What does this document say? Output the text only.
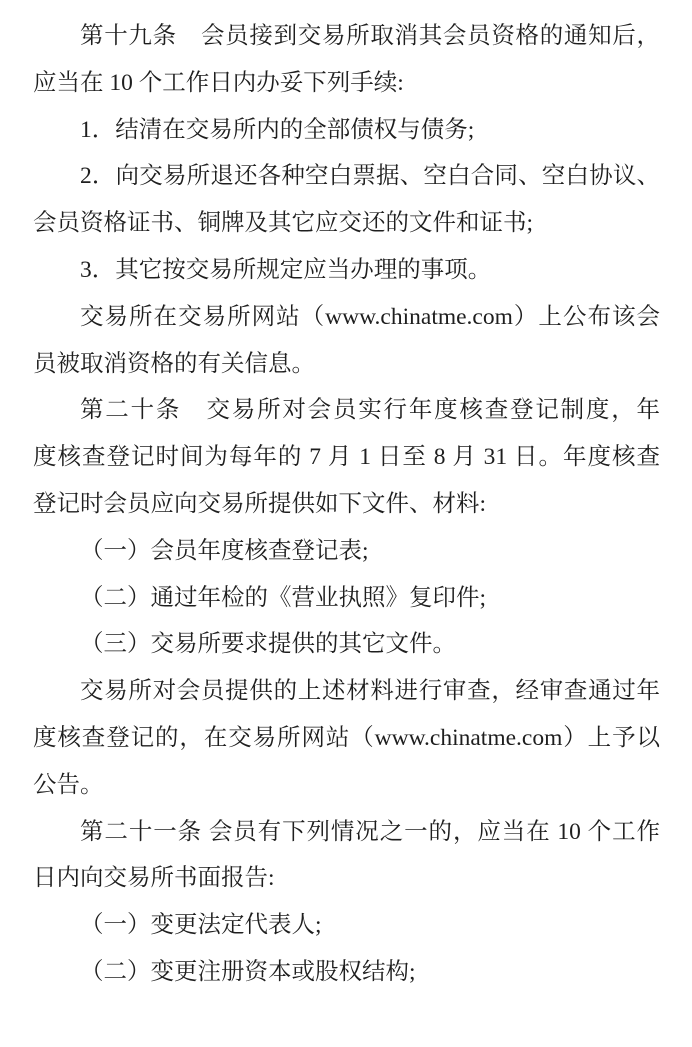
第十九条　会员接到交易所取消其会员资格的通知后，
应当在 10 个工作日内办妥下列手续:
1．结清在交易所内的全部债权与债务;
2．向交易所退还各种空白票据、空白合同、空白协议、
会员资格证书、铜牌及其它应交还的文件和证书;
3．其它按交易所规定应当办理的事项。
交易所在交易所网站（www.chinatme.com）上公布该会
员被取消资格的有关信息。
第二十条　交易所对会员实行年度核查登记制度，年
度核查登记时间为每年的 7 月 1 日至 8 月 31 日。年度核查
登记时会员应向交易所提供如下文件、材料:
（一）会员年度核查登记表;
（二）通过年检的《营业执照》复印件;
（三）交易所要求提供的其它文件。
交易所对会员提供的上述材料进行审查，经审查通过年
度核查登记的，在交易所网站（www.chinatme.com）上予以
公告。
第二十一条 会员有下列情况之一的，应当在 10 个工作
日内向交易所书面报告:
（一）变更法定代表人;
（二）变更注册资本或股权结构;
